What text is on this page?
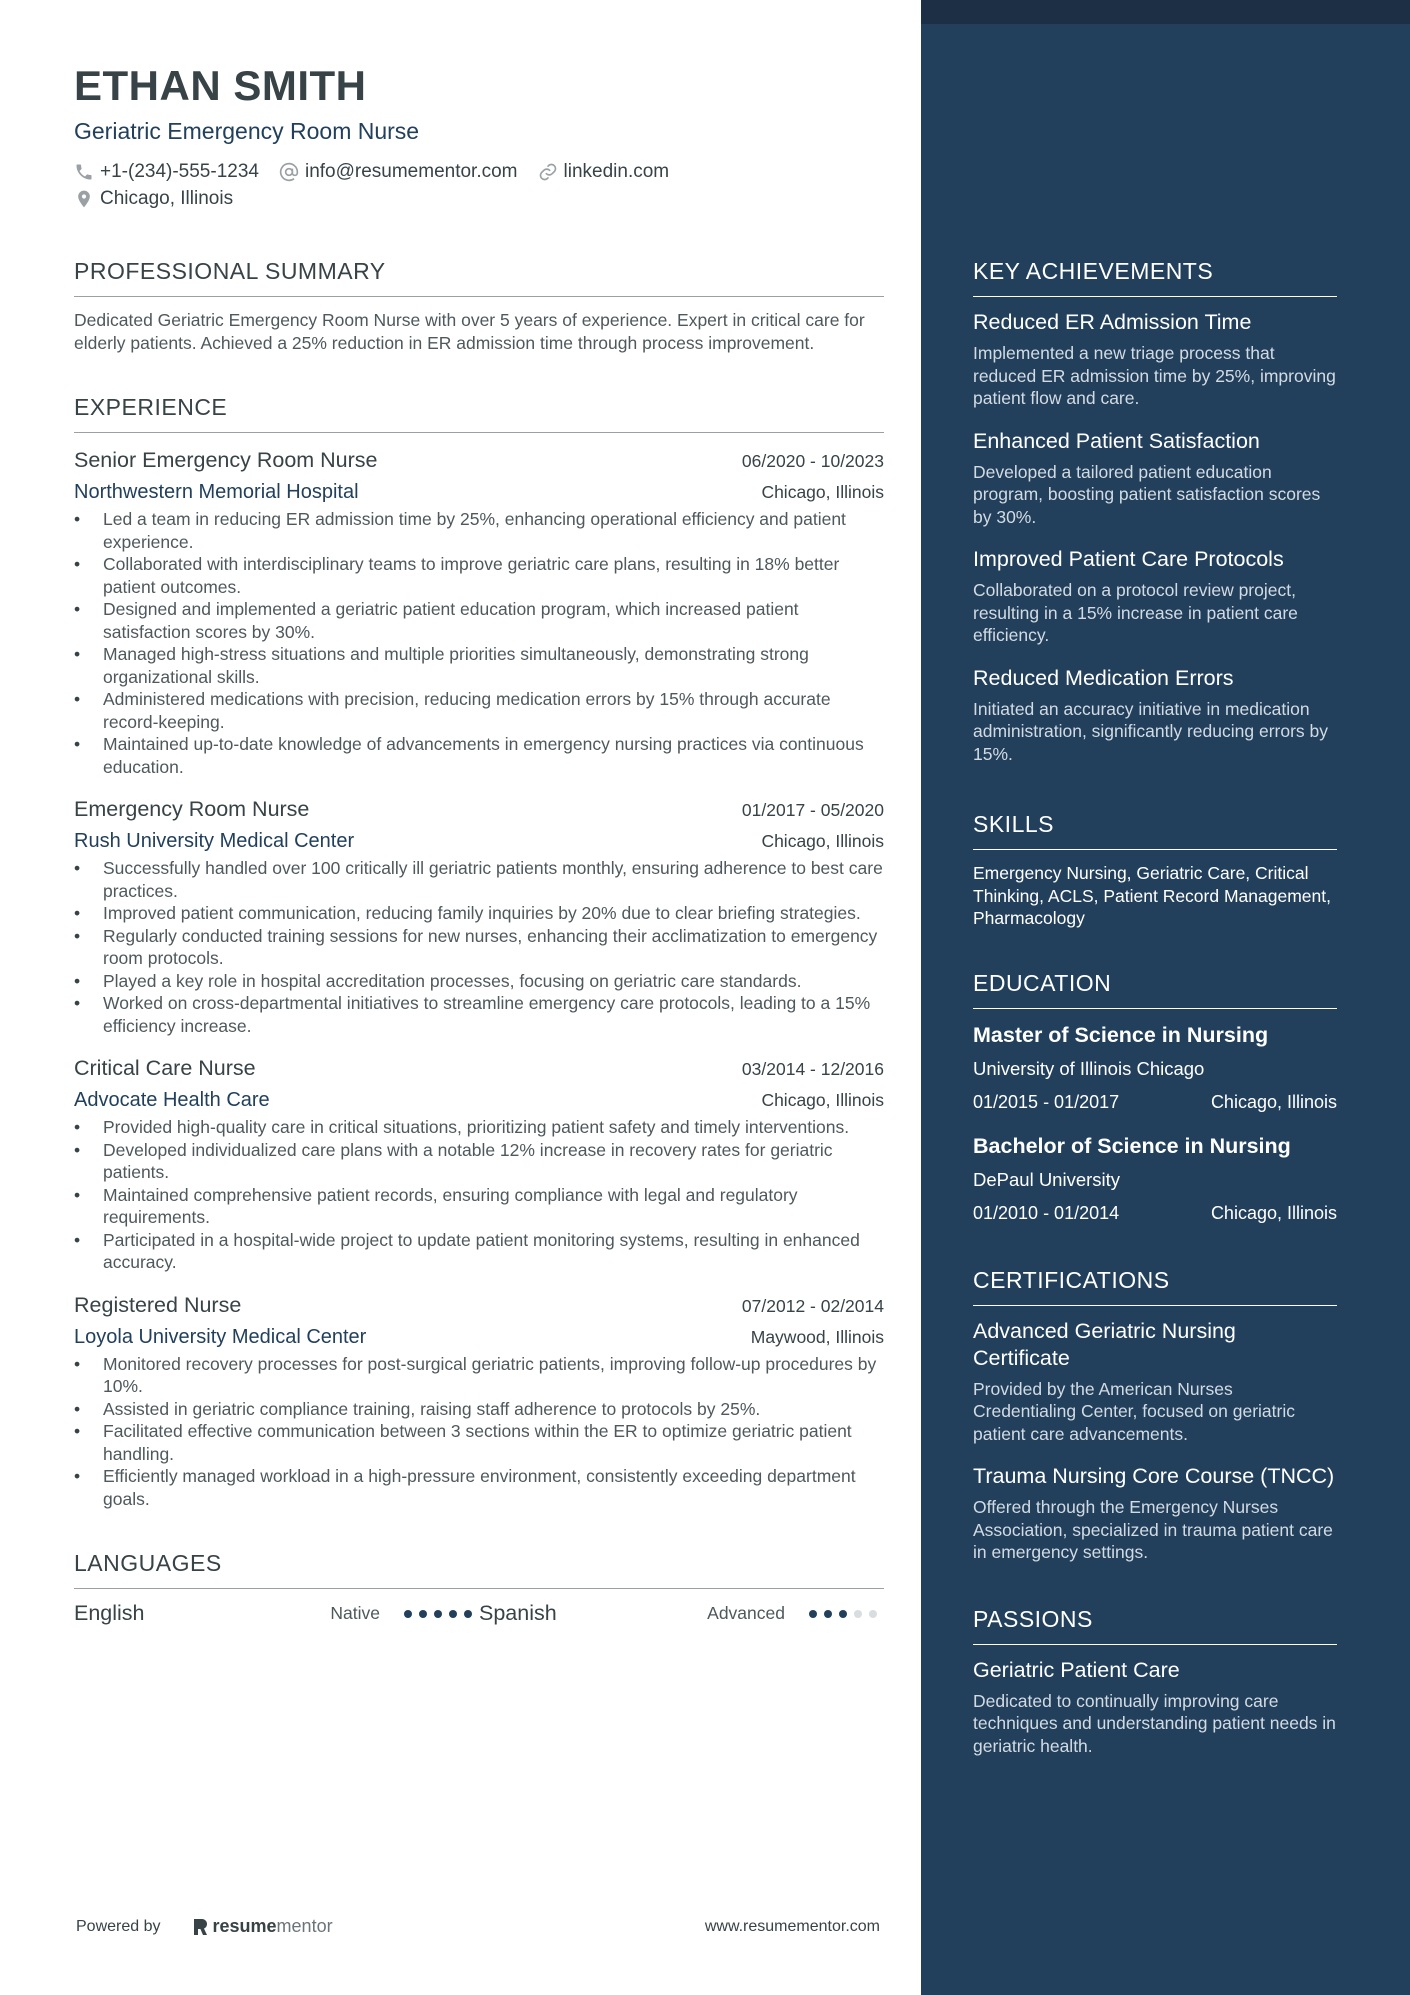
ETHAN SMITH
Geriatric Emergency Room Nurse
+1-(234)-555-1234 info@resumementor.com linkedin.com
Chicago, Illinois
PROFESSIONAL SUMMARY
Dedicated Geriatric Emergency Room Nurse with over 5 years of experience. Expert in critical care for elderly patients. Achieved a 25% reduction in ER admission time through process improvement.
EXPERIENCE
Senior Emergency Room Nurse	06/2020 - 10/2023
Northwestern Memorial Hospital	Chicago, Illinois
• Led a team in reducing ER admission time by 25%, enhancing operational efficiency and patient experience.
• Collaborated with interdisciplinary teams to improve geriatric care plans, resulting in 18% better patient outcomes.
• Designed and implemented a geriatric patient education program, which increased patient satisfaction scores by 30%.
• Managed high-stress situations and multiple priorities simultaneously, demonstrating strong organizational skills.
• Administered medications with precision, reducing medication errors by 15% through accurate record-keeping.
• Maintained up-to-date knowledge of advancements in emergency nursing practices via continuous education.
Emergency Room Nurse	01/2017 - 05/2020
Rush University Medical Center	Chicago, Illinois
• Successfully handled over 100 critically ill geriatric patients monthly, ensuring adherence to best care practices.
• Improved patient communication, reducing family inquiries by 20% due to clear briefing strategies.
• Regularly conducted training sessions for new nurses, enhancing their acclimatization to emergency room protocols.
• Played a key role in hospital accreditation processes, focusing on geriatric care standards.
• Worked on cross-departmental initiatives to streamline emergency care protocols, leading to a 15% efficiency increase.
Critical Care Nurse	03/2014 - 12/2016
Advocate Health Care	Chicago, Illinois
• Provided high-quality care in critical situations, prioritizing patient safety and timely interventions.
• Developed individualized care plans with a notable 12% increase in recovery rates for geriatric patients.
• Maintained comprehensive patient records, ensuring compliance with legal and regulatory requirements.
• Participated in a hospital-wide project to update patient monitoring systems, resulting in enhanced accuracy.
Registered Nurse	07/2012 - 02/2014
Loyola University Medical Center	Maywood, Illinois
• Monitored recovery processes for post-surgical geriatric patients, improving follow-up procedures by 10%.
• Assisted in geriatric compliance training, raising staff adherence to protocols by 25%.
• Facilitated effective communication between 3 sections within the ER to optimize geriatric patient handling.
• Efficiently managed workload in a high-pressure environment, consistently exceeding department goals.
LANGUAGES
English	Native	Spanish	Advanced
Powered by	resume mentor	www.resumementor.com
KEY ACHIEVEMENTS
Reduced ER Admission Time
Implemented a new triage process that reduced ER admission time by 25%, improving patient flow and care.
Enhanced Patient Satisfaction
Developed a tailored patient education program, boosting patient satisfaction scores by 30%.
Improved Patient Care Protocols
Collaborated on a protocol review project, resulting in a 15% increase in patient care efficiency.
Reduced Medication Errors
Initiated an accuracy initiative in medication administration, significantly reducing errors by 15%.
SKILLS
Emergency Nursing, Geriatric Care, Critical Thinking, ACLS, Patient Record Management, Pharmacology
EDUCATION
Master of Science in Nursing
University of Illinois Chicago
01/2015 - 01/2017	Chicago, Illinois
Bachelor of Science in Nursing
DePaul University
01/2010 - 01/2014	Chicago, Illinois
CERTIFICATIONS
Advanced Geriatric Nursing Certificate
Provided by the American Nurses Credentialing Center, focused on geriatric patient care advancements.
Trauma Nursing Core Course (TNCC)
Offered through the Emergency Nurses Association, specialized in trauma patient care in emergency settings.
PASSIONS
Geriatric Patient Care
Dedicated to continually improving care techniques and understanding patient needs in geriatric health.
